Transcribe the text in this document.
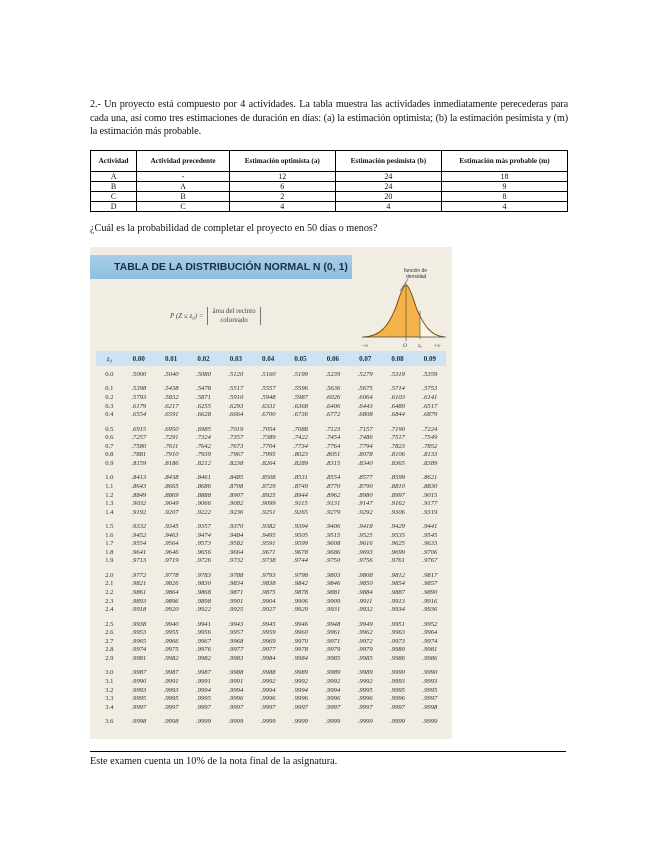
2.- Un proyecto está compuesto por 4 actividades. La tabla muestra las actividades inmediatamente perecederas para cada una, así como tres estimaciones de duración en días: (a) la estimación optimista; (b) la estimación pesimista y (m) la estimación más probable.
Actividad	Actividad precedente	Estimación optimista (a)	Estimación pesimista (b)	Estimación más probable (m)
A	-	12	24	18
B	A	6	24	9
C	B	2	20	8
D	C	4	4	4
¿Cuál es la probabilidad de completar el proyecto en 50 días o menos?
TABLA DE LA DISTRIBUCIÓN NORMAL N (0, 1)
P (Z ≤ z₀) =
área del recinto
coloreado
función de
densidad
O z₀
–∞	+∞
z₀	0.00	0.01	0.02	0.03	0.04	0.05	0.06	0.07	0.08	0.09
0.0	.5000	.5040	.5080	.5120	.5160	.5199	.5239	.5279	.5319	.5359
0.1	.5398	.5438	.5478	.5517	.5557	.5596	.5636	.5675	.5714	.5753
0.2	.5793	.5832	.5871	.5910	.5948	.5987	.6026	.6064	.6103	.6141
0.3	.6179	.6217	.6255	.6293	.6331	.6368	.6406	.6443	.6480	.6517
0.4	.6554	.6591	.6628	.6664	.6700	.6736	.6772	.6808	.6844	.6879
0.5	.6915	.6950	.6985	.7019	.7054	.7088	.7123	.7157	.7190	.7224
0.6	.7257	.7291	.7324	.7357	.7389	.7422	.7454	.7486	.7517	.7549
0.7	.7580	.7611	.7642	.7673	.7704	.7734	.7764	.7794	.7823	.7852
0.8	.7881	.7910	.7939	.7967	.7995	.8023	.8051	.8078	.8106	.8133
0.9	.8159	.8186	.8212	.8238	.8264	.8289	.8315	.8340	.8365	.8389
1.0	.8413	.8438	.8461	.8485	.8508	.8531	.8554	.8577	.8599	.8621
1.1	.8643	.8665	.8686	.8708	.8729	.8749	.8770	.8790	.8810	.8830
1.2	.8849	.8869	.8888	.8907	.8925	.8944	.8962	.8980	.8997	.9015
1.3	.9032	.9049	.9066	.9082	.9099	.9115	.9131	.9147	.9162	.9177
1.4	.9192	.9207	.9222	.9236	.9251	.9265	.9279	.9292	.9306	.9319
1.5	.9332	.9345	.9357	.9370	.9382	.9394	.9406	.9418	.9429	.9441
1.6	.9452	.9463	.9474	.9484	.9495	.9505	.9515	.9525	.9535	.9545
1.7	.9554	.9564	.9573	.9582	.9591	.9599	.9608	.9616	.9625	.9633
1.8	.9641	.9646	.9656	.9664	.9671	.9678	.9686	.9693	.9699	.9706
1.9	.9713	.9719	.9726	.9732	.9738	.9744	.9750	.9756	.9761	.9767
2.0	.9772	.9778	.9783	.9788	.9793	.9798	.9803	.9808	.9812	.9817
2.1	.9821	.9826	.9830	.9834	.9838	.9842	.9846	.9850	.9854	.9857
2.2	.9861	.9864	.9868	.9871	.9875	.9878	.9881	.9884	.9887	.9890
2.3	.9893	.9896	.9898	.9901	.9904	.9906	.9909	.9911	.9913	.9916
2.4	.9918	.9920	.9922	.9925	.9927	.9929	.9931	.9932	.9934	.9936
2.5	.9938	.9940	.9941	.9943	.9945	.9946	.9948	.9949	.9951	.9952
2.6	.9953	.9955	.9956	.9957	.9959	.9960	.9961	.9962	.9963	.9964
2.7	.9965	.9966	.9967	.9968	.9969	.9970	.9971	.9972	.9973	.9974
2.8	.9974	.9975	.9976	.9977	.9977	.9978	.9979	.9979	.9980	.9981
2.9	.9981	.9982	.9982	.9983	.9984	.9984	.9985	.9985	.9986	.9986
3.0	.9987	.9987	.9987	.9988	.9988	.9989	.9989	.9989	.9990	.9990
3.1	.9990	.9991	.9991	.9991	.9992	.9992	.9992	.9992	.9993	.9993
3.2	.9993	.9993	.9994	.9994	.9994	.9994	.9994	.9995	.9995	.9995
3.3	.9995	.9995	.9995	.9996	.9996	.9996	.9996	.9996	.9996	.9997
3.4	.9997	.9997	.9997	.9997	.9997	.9997	.9997	.9997	.9997	.9998
3.6	.9998	.9998	.9999	.9999	.9999	.9999	.9999	.9999	.9999	.9999
Este examen cuenta un 10% de la nota final de la asignatura.
